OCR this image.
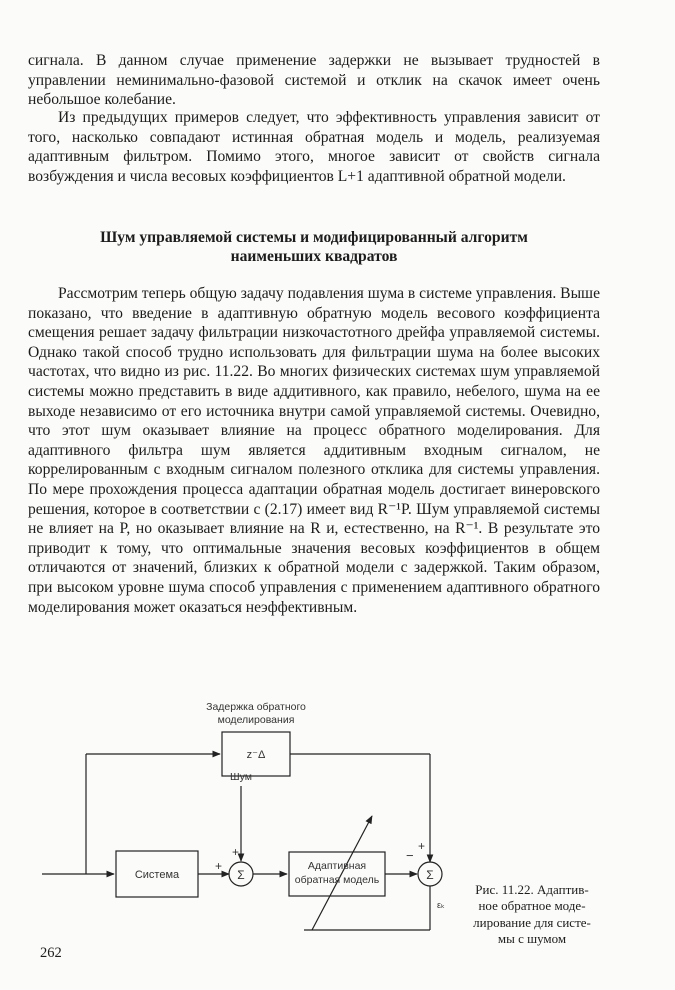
сигнала. В данном случае применение задержки не вызывает трудностей в управлении неминимально-фазовой системой и отклик на скачок имеет очень небольшое колебание.

Из предыдущих примеров следует, что эффективность управления зависит от того, насколько совпадают истинная обратная модель и модель, реализуемая адаптивным фильтром. Помимо этого, многое зависит от свойств сигнала возбуждения и числа весовых коэффициентов L+1 адаптивной обратной модели.

Шум управляемой системы и модифицированный алгоритм
наименьших квадратов

Рассмотрим теперь общую задачу подавления шума в системе управления. Выше показано, что введение в адаптивную обратную модель весового коэффициента смещения решает задачу фильтрации низкочастотного дрейфа управляемой системы. Однако такой способ трудно использовать для фильтрации шума на более высоких частотах, что видно из рис. 11.22. Во многих физических системах шум управляемой системы можно представить в виде аддитивного, как правило, небелого, шума на ее выходе независимо от его источника внутри самой управляемой системы. Очевидно, что этот шум оказывает влияние на процесс обратного моделирования. Для адаптивного фильтра шум является аддитивным входным сигналом, не коррелированным с входным сигналом полезного отклика для системы управления. По мере прохождения процесса адаптации обратная модель достигает винеровского решения, которое в соответствии с (2.17) имеет вид R⁻¹P. Шум управляемой системы не влияет на P, но оказывает влияние на R и, естественно, на R⁻¹. В результате это приводит к тому, что оптимальные значения весовых коэффициентов в общем отличаются от значений, близких к обратной модели с задержкой. Таким образом, при высоком уровне шума способ управления с применением адаптивного обратного моделирования может оказаться неэффективным.

Задержка обратного
моделирования
z⁻Δ
Шум
Система	Σ
+
+	Адаптивная
обратная модель	Σ
−
+
εₖ

Рис. 11.22. Адаптив-
ное обратное моде-
лирование для систе-
мы с шумом

262
